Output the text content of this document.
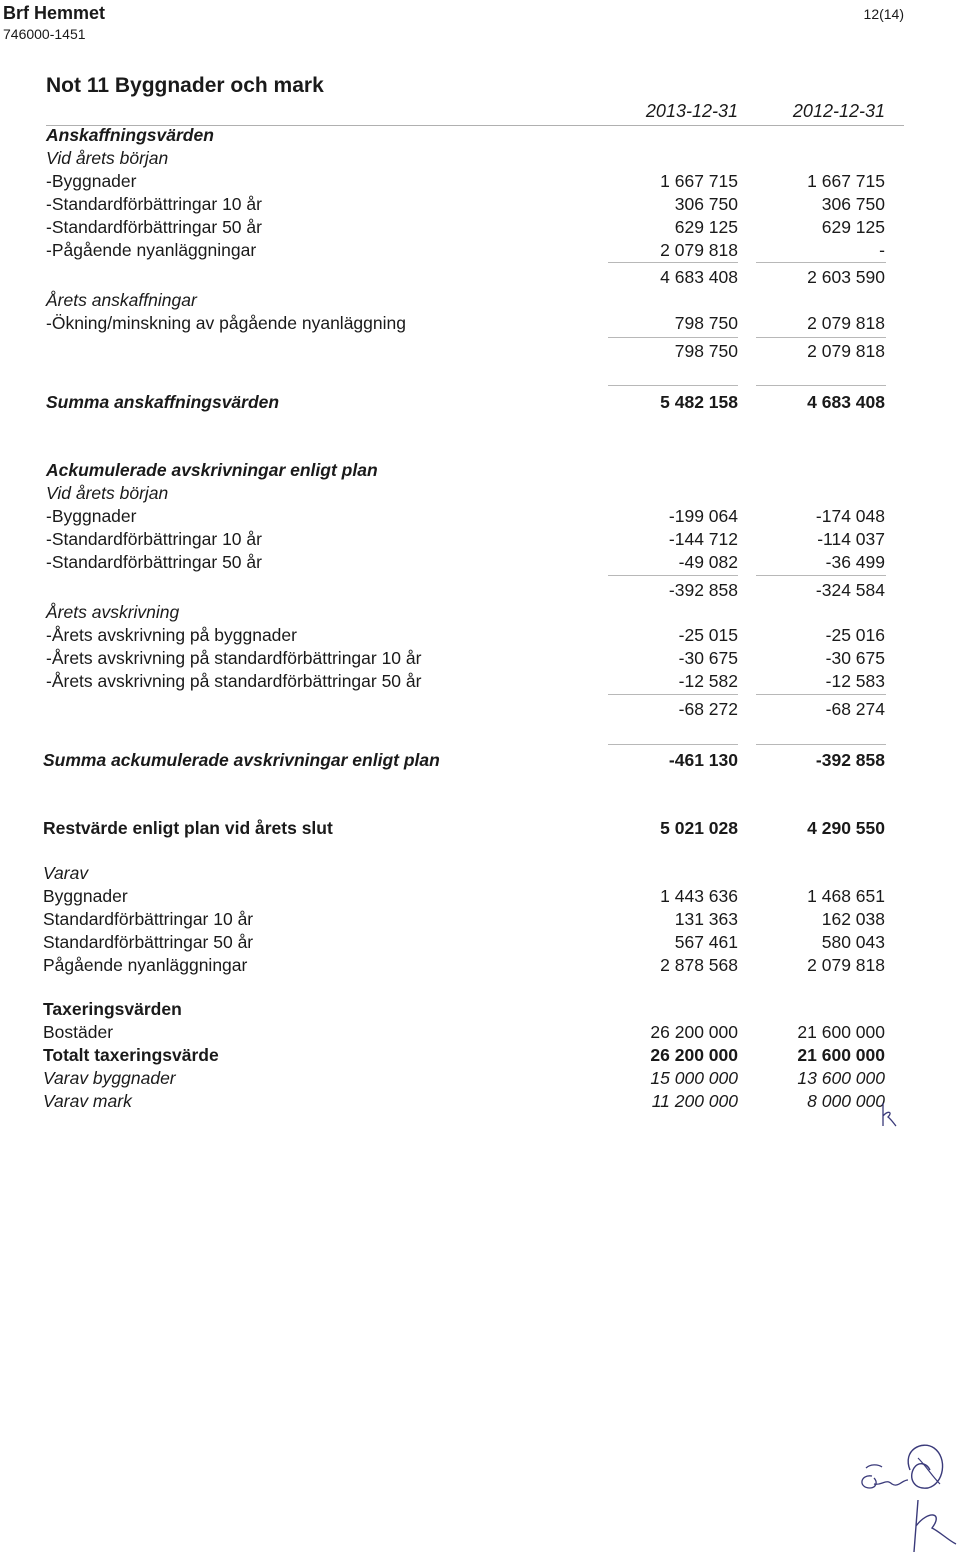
Brf Hemmet
746000-1451
12(14)
Not 11 Byggnader och mark
2013-12-31	2012-12-31
Anskaffningsvärden
Vid årets början
-Byggnader	1 667 715	1 667 715
-Standardförbättringar 10 år	306 750	306 750
-Standardförbättringar 50 år	629 125	629 125
-Pågående nyanläggningar	2 079 818	-
4 683 408	2 603 590
Årets anskaffningar
-Ökning/minskning av pågående nyanläggning	798 750	2 079 818
798 750	2 079 818
Summa anskaffningsvärden	5 482 158	4 683 408
Ackumulerade avskrivningar enligt plan
Vid årets början
-Byggnader	-199 064	-174 048
-Standardförbättringar 10 år	-144 712	-114 037
-Standardförbättringar 50 år	-49 082	-36 499
-392 858	-324 584
Årets avskrivning
-Årets avskrivning på byggnader	-25 015	-25 016
-Årets avskrivning på standardförbättringar 10 år	-30 675	-30 675
-Årets avskrivning på standardförbättringar 50 år	-12 582	-12 583
-68 272	-68 274
Summa ackumulerade avskrivningar enligt plan	-461 130	-392 858
Restvärde enligt plan vid årets slut	5 021 028	4 290 550
Varav
Byggnader	1 443 636	1 468 651
Standardförbättringar 10 år	131 363	162 038
Standardförbättringar 50 år	567 461	580 043
Pågående nyanläggningar	2 878 568	2 079 818
Taxeringsvärden
Bostäder	26 200 000	21 600 000
Totalt taxeringsvärde	26 200 000	21 600 000
Varav byggnader	15 000 000	13 600 000
Varav mark	11 200 000	8 000 000
